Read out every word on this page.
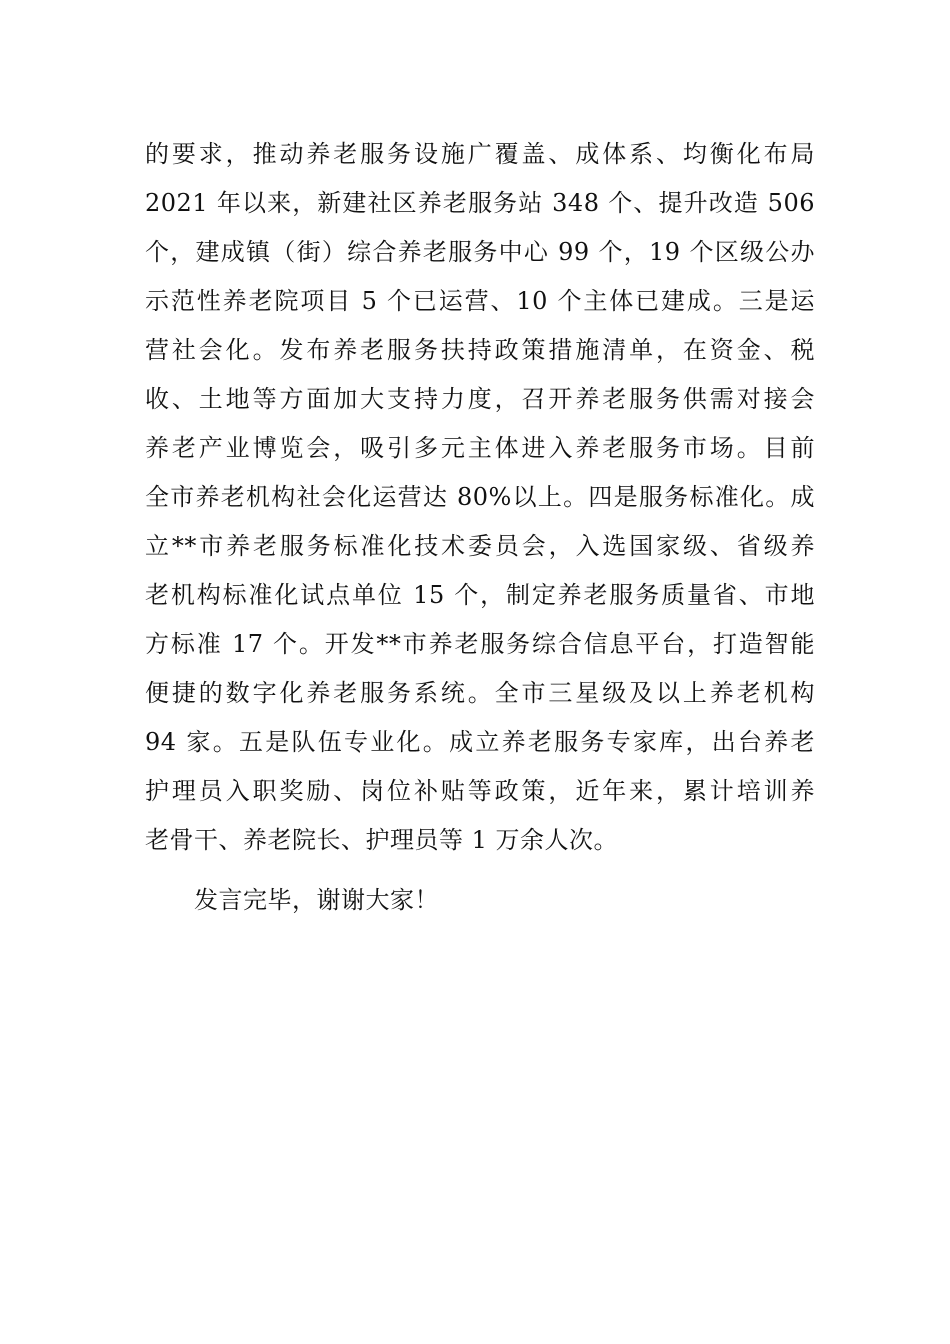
的要求，推动养老服务设施广覆盖、成体系、均衡化布局
2021 年以来，新建社区养老服务站 348 个、提升改造 506
个，建成镇（街）综合养老服务中心 99 个，19 个区级公办
示范性养老院项目 5 个已运营、10 个主体已建成。三是运
营社会化。发布养老服务扶持政策措施清单，在资金、税
收、土地等方面加大支持力度，召开养老服务供需对接会
养老产业博览会，吸引多元主体进入养老服务市场。目前
全市养老机构社会化运营达 80%以上。四是服务标准化。成
立**市养老服务标准化技术委员会，入选国家级、省级养
老机构标准化试点单位 15 个，制定养老服务质量省、市地
方标准 17 个。开发**市养老服务综合信息平台，打造智能
便捷的数字化养老服务系统。全市三星级及以上养老机构
94 家。五是队伍专业化。成立养老服务专家库，出台养老
护理员入职奖励、岗位补贴等政策，近年来，累计培训养
老骨干、养老院长、护理员等 1 万余人次。
发言完毕，谢谢大家！
